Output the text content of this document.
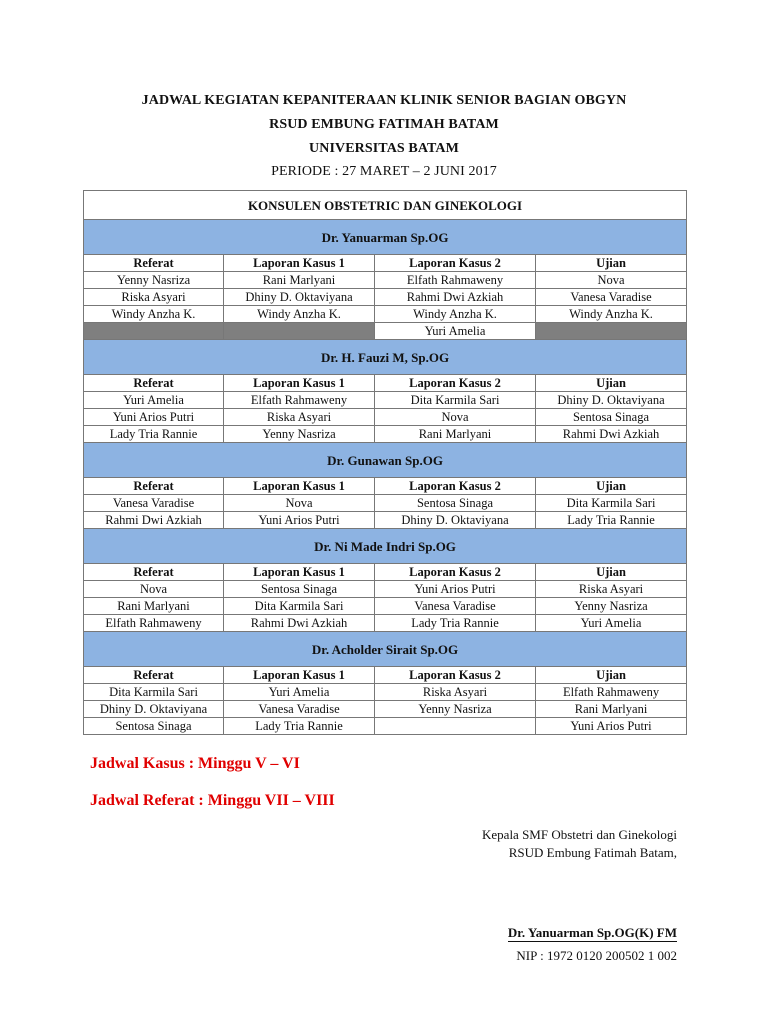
JADWAL KEGIATAN KEPANITERAAN KLINIK SENIOR BAGIAN OBGYN
RSUD EMBUNG FATIMAH BATAM
UNIVERSITAS BATAM
PERIODE : 27 MARET – 2 JUNI 2017
KONSULEN OBSTETRIC DAN GINEKOLOGI			
Dr. Yanuarman Sp.OG			
Referat	Laporan Kasus 1	Laporan Kasus 2	Ujian
Yenny Nasriza	Rani Marlyani	Elfath Rahmaweny	Nova
Riska Asyari	Dhiny D. Oktaviyana	Rahmi Dwi Azkiah	Vanesa Varadise
Windy Anzha K.	Windy Anzha K.	Windy Anzha K.	Windy Anzha K.
		Yuri Amelia	
Dr. H. Fauzi M, Sp.OG			
Referat	Laporan Kasus 1	Laporan Kasus 2	Ujian
Yuri Amelia	Elfath Rahmaweny	Dita Karmila Sari	Dhiny D. Oktaviyana
Yuni Arios Putri	Riska Asyari	Nova	Sentosa Sinaga
Lady Tria Rannie	Yenny Nasriza	Rani Marlyani	Rahmi Dwi Azkiah
Dr. Gunawan Sp.OG			
Referat	Laporan Kasus 1	Laporan Kasus 2	Ujian
Vanesa Varadise	Nova	Sentosa Sinaga	Dita Karmila Sari
Rahmi Dwi Azkiah	Yuni Arios Putri	Dhiny D. Oktaviyana	Lady Tria Rannie
Dr. Ni Made Indri Sp.OG			
Referat	Laporan Kasus 1	Laporan Kasus 2	Ujian
Nova	Sentosa Sinaga	Yuni Arios Putri	Riska Asyari
Rani Marlyani	Dita Karmila Sari	Vanesa Varadise	Yenny Nasriza
Elfath Rahmaweny	Rahmi Dwi Azkiah	Lady Tria Rannie	Yuri Amelia
Dr. Acholder Sirait Sp.OG			
Referat	Laporan Kasus 1	Laporan Kasus 2	Ujian
Dita Karmila Sari	Yuri Amelia	Riska Asyari	Elfath Rahmaweny
Dhiny D. Oktaviyana	Vanesa Varadise	Yenny Nasriza	Rani Marlyani
Sentosa Sinaga	Lady Tria Rannie		Yuni Arios Putri
Jadwal Kasus : Minggu V – VI
Jadwal Referat : Minggu VII – VIII
Kepala SMF Obstetri dan Ginekologi
RSUD Embung Fatimah Batam,
Dr. Yanuarman Sp.OG(K) FM
NIP : 1972 0120 200502 1 002
